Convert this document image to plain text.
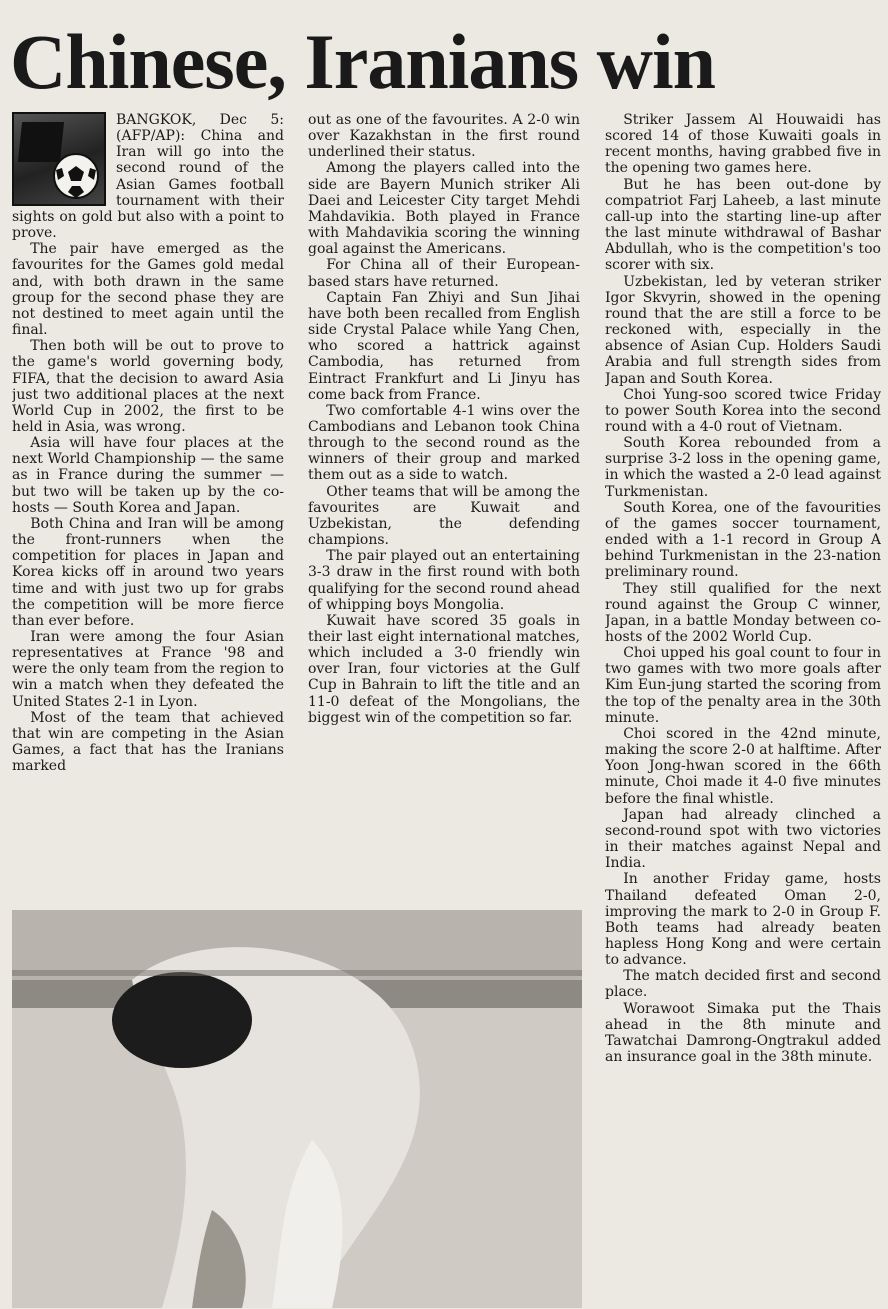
Chinese, Iranians win

BANGKOK, Dec 5: (AFP/AP): China and Iran will go into the second round of the Asian Games football tournament with their sights on gold but also with a point to prove.

The pair have emerged as the favourites for the Games gold medal and, with both drawn in the same group for the second phase they are not destined to meet again until the final.

Then both will be out to prove to the game's world governing body, FIFA, that the decision to award Asia just two additional places at the next World Cup in 2002, the first to be held in Asia, was wrong.

Asia will have four places at the next World Championship — the same as in France during the summer — but two will be taken up by the co-hosts — South Korea and Japan.

Both China and Iran will be among the front-runners when the competition for places in Japan and Korea kicks off in around two years time and with just two up for grabs the competition will be more fierce than ever before.

Iran were among the four Asian representatives at France '98 and were the only team from the region to win a match when they defeated the United States 2-1 in Lyon.

Most of the team that achieved that win are competing in the Asian Games, a fact that has the Iranians marked

out as one of the favourites. A 2-0 win over Kazakhstan in the first round underlined their status.

Among the players called into the side are Bayern Munich striker Ali Daei and Leicester City target Mehdi Mahdavikia. Both played in France with Mahdavikia scoring the winning goal against the Americans.

For China all of their European-based stars have returned.

Captain Fan Zhiyi and Sun Jihai have both been recalled from English side Crystal Palace while Yang Chen, who scored a hattrick against Cambodia, has returned from Eintract Frankfurt and Li Jinyu has come back from France.

Two comfortable 4-1 wins over the Cambodians and Lebanon took China through to the second round as the winners of their group and marked them out as a side to watch.

Other teams that will be among the favourites are Kuwait and Uzbekistan, the defending champions.

The pair played out an entertaining 3-3 draw in the first round with both qualifying for the second round ahead of whipping boys Mongolia.

Kuwait have scored 35 goals in their last eight international matches, which included a 3-0 friendly win over Iran, four victories at the Gulf Cup in Bahrain to lift the title and an 11-0 defeat of the Mongolians, the biggest win of the competition so far.

Striker Jassem Al Houwaidi has scored 14 of those Kuwaiti goals in recent months, having grabbed five in the opening two games here.

But he has been out-done by compatriot Farj Laheeb, a last minute call-up into the starting line-up after the last minute withdrawal of Bashar Abdullah, who is the competition's too scorer with six.

Uzbekistan, led by veteran striker Igor Skvyrin, showed in the opening round that the are still a force to be reckoned with, especially in the absence of Asian Cup. Holders Saudi Arabia and full strength sides from Japan and South Korea.

Choi Yung-soo scored twice Friday to power South Korea into the second round with a 4-0 rout of Vietnam.

South Korea rebounded from a surprise 3-2 loss in the opening game, in which the wasted a 2-0 lead against Turkmenistan.

South Korea, one of the favourities of the games soccer tournament, ended with a 1-1 record in Group A behind Turkmenistan in the 23-nation preliminary round.

They still qualified for the next round against the Group C winner, Japan, in a battle Monday between co-hosts of the 2002 World Cup.

Choi upped his goal count to four in two games with two more goals after Kim Eun-jung started the scoring from the top of the penalty area in the 30th minute.

Choi scored in the 42nd minute, making the score 2-0 at halftime. After Yoon Jong-hwan scored in the 66th minute, Choi made it 4-0 five minutes before the final whistle.

Japan had already clinched a second-round spot with two victories in their matches against Nepal and India.

In another Friday game, hosts Thailand defeated Oman 2-0, improving the mark to 2-0 in Group F. Both teams had already beaten hapless Hong Kong and were certain to advance.

The match decided first and second place.

Worawoot Simaka put the Thais ahead in the 8th minute and Tawatchai Damrong-Ongtrakul added an insurance goal in the 38th minute.
